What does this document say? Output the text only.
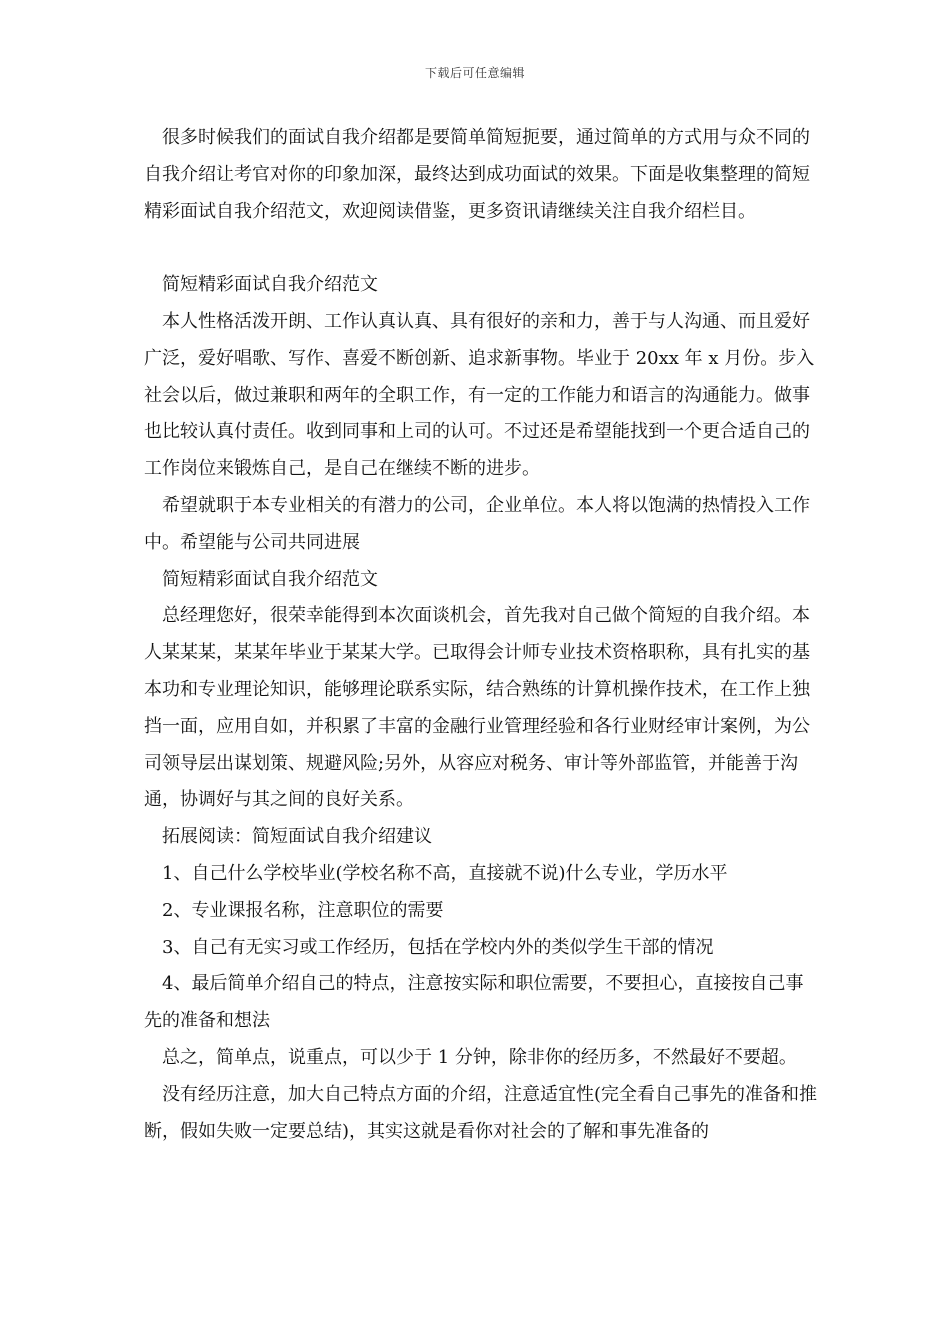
下载后可任意编辑
很多时候我们的面试自我介绍都是要简单简短扼要，通过简单的方式用与众不同的自我介绍让考官对你的印象加深，最终达到成功面试的效果。下面是收集整理的简短精彩面试自我介绍范文，欢迎阅读借鉴，更多资讯请继续关注自我介绍栏目。
简短精彩面试自我介绍范文
本人性格活泼开朗、工作认真认真、具有很好的亲和力，善于与人沟通、而且爱好广泛，爱好唱歌、写作、喜爱不断创新、追求新事物。毕业于 20xx 年 x 月份。步入社会以后，做过兼职和两年的全职工作，有一定的工作能力和语言的沟通能力。做事也比较认真付责任。收到同事和上司的认可。不过还是希望能找到一个更合适自己的工作岗位来锻炼自己，是自己在继续不断的进步。
希望就职于本专业相关的有潜力的公司，企业单位。本人将以饱满的热情投入工作中。希望能与公司共同进展
简短精彩面试自我介绍范文
总经理您好，很荣幸能得到本次面谈机会，首先我对自己做个简短的自我介绍。本人某某某，某某年毕业于某某大学。已取得会计师专业技术资格职称，具有扎实的基本功和专业理论知识，能够理论联系实际，结合熟练的计算机操作技术，在工作上独挡一面，应用自如，并积累了丰富的金融行业管理经验和各行业财经审计案例，为公司领导层出谋划策、规避风险;另外，从容应对税务、审计等外部监管，并能善于沟通，协调好与其之间的良好关系。
拓展阅读：简短面试自我介绍建议
1、自己什么学校毕业(学校名称不高，直接就不说)什么专业，学历水平
2、专业课报名称，注意职位的需要
3、自己有无实习或工作经历，包括在学校内外的类似学生干部的情况
4、最后简单介绍自己的特点，注意按实际和职位需要，不要担心，直接按自己事先的准备和想法
总之，简单点，说重点，可以少于 1 分钟，除非你的经历多，不然最好不要超。
没有经历注意，加大自己特点方面的介绍，注意适宜性(完全看自己事先的准备和推断，假如失败一定要总结)，其实这就是看你对社会的了解和事先准备的
